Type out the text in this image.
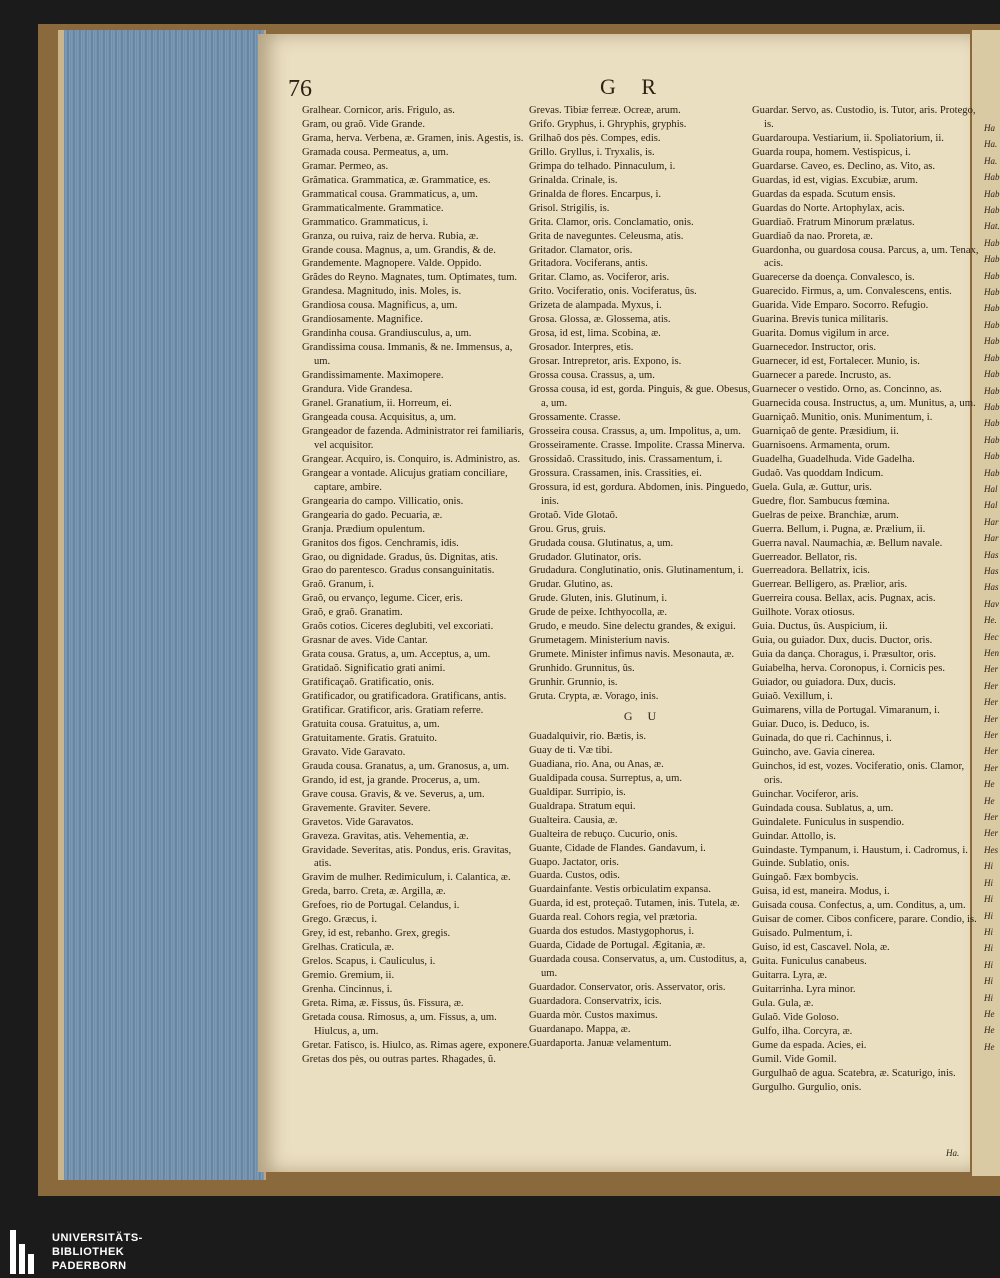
Ha
Ha.
Ha.
Hab
Hab
Hab
Hat.
Hab
Hab
Hab
Hab
Hab
Hab
Hab
Hab
Hab
Hab
Hab
Hab
Hab
Hab
Hab
Hal
Hal
Har
Har
Has
Has
Has
Hav
He.
Hec
Hen
Her
Her
Her
Her
Her
Her
Her
He
He
Her
Her
Hes
Hi
Hi
Hi
Hi
Hi
Hi
Hi
Hi
Hi
He
He
He
76	G R
Gralhear. Cornicor, aris. Frigulo, as.
Gram, ou graõ. Vide Grande.
Grama, herva. Verbena, æ. Gramen, inis. Agestis, is.
Gramada cousa. Permeatus, a, um.
Gramar. Permeo, as.
Grãmatica. Grammatica, æ. Grammatice, es.
Grammatical cousa. Grammaticus, a, um.
Grammaticalmente. Grammatice.
Grammatico. Grammaticus, i.
Granza, ou ruiva, raiz de herva. Rubia, æ.
Grande cousa. Magnus, a, um. Grandis, & de.
Grandemente. Magnopere. Valde. Oppido.
Grãdes do Reyno. Magnates, tum. Optimates, tum.
Grandesa. Magnitudo, inis. Moles, is.
Grandiosa cousa. Magnificus, a, um.
Grandiosamente. Magnifice.
Grandinha cousa. Grandiusculus, a, um.
Grandissima cousa. Immanis, & ne. Immensus, a, um.
Grandissimamente. Maximopere.
Grandura. Vide Grandesa.
Granel. Granatium, ii. Horreum, ei.
Grangeada cousa. Acquisitus, a, um.
Grangeador de fazenda. Administrator rei familiaris, vel acquisitor.
Grangear. Acquiro, is. Conquiro, is. Administro, as.
Grangear a vontade. Alicujus gratiam conciliare, captare, ambire.
Grangearia do campo. Villicatio, onis.
Grangearia do gado. Pecuaria, æ.
Granja. Prædium opulentum.
Granitos dos figos. Cenchramis, idis.
Grao, ou dignidade. Gradus, ûs. Dignitas, atis.
Grao do parentesco. Gradus consanguinitatis.
Graõ. Granum, i.
Graõ, ou ervanço, legume. Cicer, eris.
Graõ, e graõ. Granatim.
Graõs cotios. Ciceres deglubiti, vel excoriati.
Grasnar de aves. Vide Cantar.
Grata cousa. Gratus, a, um. Acceptus, a, um.
Gratidaõ. Significatio grati animi.
Gratificaçaõ. Gratificatio, onis.
Gratificador, ou gratificadora. Gratificans, antis.
Gratificar. Gratificor, aris. Gratiam referre.
Gratuita cousa. Gratuitus, a, um.
Gratuitamente. Gratis. Gratuito.
Gravato. Vide Garavato.
Grauda cousa. Granatus, a, um. Granosus, a, um.
Grando, id est, ja grande. Procerus, a, um.
Grave cousa. Gravis, & ve. Severus, a, um.
Gravemente. Graviter. Severe.
Gravetos. Vide Garavatos.
Graveza. Gravitas, atis. Vehementia, æ.
Gravidade. Severitas, atis. Pondus, eris. Gravitas, atis.
Gravim de mulher. Redimiculum, i. Calantica, æ.
Greda, barro. Creta, æ. Argilla, æ.
Grefoes, rio de Portugal. Celandus, i.
Grego. Græcus, i.
Grey, id est, rebanho. Grex, gregis.
Grelhas. Craticula, æ.
Grelos. Scapus, i. Cauliculus, i.
Gremio. Gremium, ii.
Grenha. Cincinnus, i.
Greta. Rima, æ. Fissus, ûs. Fissura, æ.
Gretada cousa. Rimosus, a, um. Fissus, a, um. Hiulcus, a, um.
Gretar. Fatisco, is. Hiulco, as. Rimas agere, exponere.
Gretas dos pès, ou outras partes. Rhagades, ũ.
Grevas. Tibiæ ferreæ. Ocreæ, arum.
Grifo. Gryphus, i. Ghryphis, gryphis.
Grilhaõ dos pès. Compes, edis.
Grillo. Gryllus, i. Tryxalis, is.
Grimpa do telhado. Pinnaculum, i.
Grinalda. Crinale, is.
Grinalda de flores. Encarpus, i.
Grisol. Strigilis, is.
Grita. Clamor, oris. Conclamatio, onis.
Grita de naveguntes. Celeusma, atis.
Gritador. Clamator, oris.
Gritadora. Vociferans, antis.
Gritar. Clamo, as. Vociferor, aris.
Grito. Vociferatio, onis. Vociferatus, ûs.
Grizeta de alampada. Myxus, i.
Grosa. Glossa, æ. Glossema, atis.
Grosa, id est, lima. Scobina, æ.
Grosador. Interpres, etis.
Grosar. Intrepretor, aris. Expono, is.
Grossa cousa. Crassus, a, um.
Grossa cousa, id est, gorda. Pinguis, & gue. Obesus, a, um.
Grossamente. Crasse.
Grosseira cousa. Crassus, a, um. Impolitus, a, um.
Grosseiramente. Crasse. Impolite. Crassa Minerva.
Grossidaõ. Crassitudo, inis. Crassamentum, i.
Grossura. Crassamen, inis. Crassities, ei.
Grossura, id est, gordura. Abdomen, inis. Pinguedo, inis.
Grotaõ. Vide Glotaõ.
Grou. Grus, gruis.
Grudada cousa. Glutinatus, a, um.
Grudador. Glutinator, oris.
Grudadura. Conglutinatio, onis. Glutinamentum, i.
Grudar. Glutino, as.
Grude. Gluten, inis. Glutinum, i.
Grude de peixe. Ichthyocolla, æ.
Grudo, e meudo. Sine delectu grandes, & exigui.
Grumetagem. Ministerium navis.
Grumete. Minister infimus navis. Mesonauta, æ.
Grunhido. Grunnitus, ûs.
Grunhir. Grunnio, is.
Gruta. Crypta, æ. Vorago, inis.
G U
Guadalquivir, rio. Bætis, is.
Guay de ti. Væ tibi.
Guadiana, rio. Ana, ou Anas, æ.
Gualdipada cousa. Surreptus, a, um.
Gualdipar. Surripio, is.
Gualdrapa. Stratum equi.
Gualteira. Causia, æ.
Gualteira de rebuço. Cucurio, onis.
Guante, Cidade de Flandes. Gandavum, i.
Guapo. Jactator, oris.
Guarda. Custos, odis.
Guardainfante. Vestis orbiculatim expansa.
Guarda, id est, proteçaõ. Tutamen, inis. Tutela, æ.
Guarda real. Cohors regia, vel prætoria.
Guarda dos estudos. Mastygophorus, i.
Guarda, Cidade de Portugal. Ægitania, æ.
Guardada cousa. Conservatus, a, um. Custoditus, a, um.
Guardador. Conservator, oris. Asservator, oris.
Guardadora. Conservatrix, icis.
Guarda mòr. Custos maximus.
Guardanapo. Mappa, æ.
Guardaporta. Januæ velamentum.
Guardar. Servo, as. Custodio, is. Tutor, aris. Protego, is.
Guardaroupa. Vestiarium, ii. Spoliatorium, ii.
Guarda roupa, homem. Vestispicus, i.
Guardarse. Caveo, es. Declino, as. Vito, as.
Guardas, id est, vigias. Excubiæ, arum.
Guardas da espada. Scutum ensis.
Guardas do Norte. Artophylax, acis.
Guardiaõ. Fratrum Minorum prælatus.
Guardiaõ da nao. Proreta, æ.
Guardonha, ou guardosa cousa. Parcus, a, um. Tenax, acis.
Guarecerse da doença. Convalesco, is.
Guarecido. Firmus, a, um. Convalescens, entis.
Guarida. Vide Emparo. Socorro. Refugio.
Guarina. Brevis tunica militaris.
Guarita. Domus vigilum in arce.
Guarnecedor. Instructor, oris.
Guarnecer, id est, Fortalecer. Munio, is.
Guarnecer a parede. Incrusto, as.
Guarnecer o vestido. Orno, as. Concinno, as.
Guarnecida cousa. Instructus, a, um. Munitus, a, um.
Guarniçaõ. Munitio, onis. Munimentum, i.
Guarniçaõ de gente. Præsidium, ii.
Guarnisoens. Armamenta, orum.
Guadelha, Guadelhuda. Vide Gadelha.
Gudaõ. Vas quoddam Indicum.
Guela. Gula, æ. Guttur, uris.
Guedre, flor. Sambucus fœmina.
Guelras de peixe. Branchiæ, arum.
Guerra. Bellum, i. Pugna, æ. Prælium, ii.
Guerra naval. Naumachia, æ. Bellum navale.
Guerreador. Bellator, ris.
Guerreadora. Bellatrix, icis.
Guerrear. Belligero, as. Prælior, aris.
Guerreira cousa. Bellax, acis. Pugnax, acis.
Guilhote. Vorax otiosus.
Guia. Ductus, ûs. Auspicium, ii.
Guia, ou guiador. Dux, ducis. Ductor, oris.
Guia da dança. Choragus, i. Præsultor, oris.
Guiabelha, herva. Coronopus, i. Cornicis pes.
Guiador, ou guiadora. Dux, ducis.
Guiaõ. Vexillum, i.
Guimarens, villa de Portugal. Vimaranum, i.
Guiar. Duco, is. Deduco, is.
Guinada, do que ri. Cachinnus, i.
Guincho, ave. Gavia cinerea.
Guinchos, id est, vozes. Vociferatio, onis. Clamor, oris.
Guinchar. Vociferor, aris.
Guindada cousa. Sublatus, a, um.
Guindalete. Funiculus in suspendio.
Guindar. Attollo, is.
Guindaste. Tympanum, i. Haustum, i. Cadromus, i.
Guinde. Sublatio, onis.
Guingaõ. Fæx bombycis.
Guisa, id est, maneira. Modus, i.
Guisada cousa. Confectus, a, um. Conditus, a, um.
Guisar de comer. Cibos conficere, parare. Condio, is.
Guisado. Pulmentum, i.
Guiso, id est, Cascavel. Nola, æ.
Guita. Funiculus canabeus.
Guitarra. Lyra, æ.
Guitarrinha. Lyra minor.
Gula. Gula, æ.
Gulaõ. Vide Goloso.
Gulfo, ilha. Corcyra, æ.
Gume da espada. Acies, ei.
Gumil. Vide Gomil.
Gurgulhaõ de agua. Scatebra, æ. Scaturigo, inis.
Gurgulho. Gurgulio, onis.
Ha.
UNIVERSITÄTS-
BIBLIOTHEK
PADERBORN
